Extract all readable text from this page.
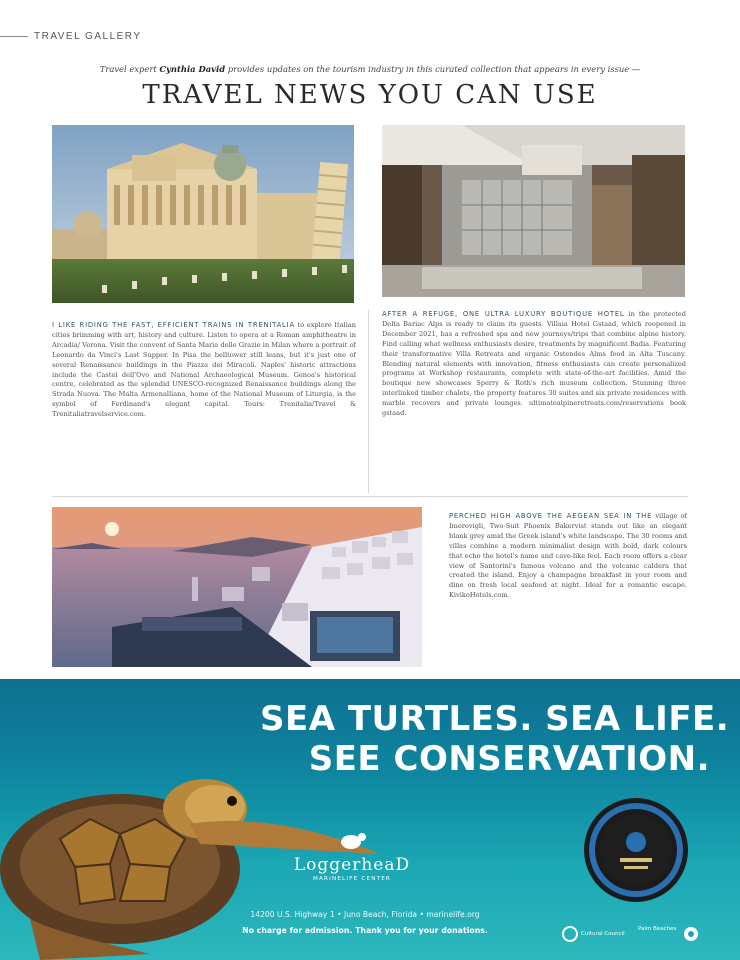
TRAVEL GALLERY

Travel expert Cynthia David provides updates on the tourism industry in this curated collection that appears in every issue —

TRAVEL NEWS YOU CAN USE

I LIKE RIDING THE FAST, EFFICIENT TRAINS IN TRENITALIA to explore Italian cities brimming with art, history and culture. Listen to opera at a Roman amphitheatre in Arcadia/ Verona. Visit the convent of Santa Maria delle Grazie in Milan where a portrait of Leonardo da Vinci's Last Supper. In Pisa the belltower still leans, but it's just one of several Renaissance buildings in the Piazza dei Miracoli. Naples' historic attractions include the Castel dell'Ovo and National Archaeological Museum. Genoa's historical centre, celebrated as the splendid UNESCO-recognized Renaissance buildings along the Strada Nuova. The Malta Armenalliana, home of the National Museum of Liturgia, is the symbol of Ferdinand's elegant capital. Tours: Trenitalia/Travel & Trenitaliatravelservice.com.

AFTER A REFUGE, ONE ULTRA LUXURY BOUTIQUE HOTEL in the protected Delta Bariac Alps is ready to claim its guests. Villaia Hotel Gstaad, which reopened in December 2021, has a refreshed spa and new journeys/trips that combine alpine history. Find calling what wellness enthusiasts desire, treatments by magnificent Badia. Featuring their transformative Villa Retreats and organic Ostendes Alms food in Alta Tuscany. Blending natural elements with innovation, fitness enthusiasts can create personalized programs at Workshop restaurants, complete with state-of-the-art facilities. Amid the boutique new showcases Sperry & Roth's rich museum collection. Stunning three interlinked timber chalets, the property features 30 suites and six private residences with marble recovers and private lounges. ultimatealpineretreats.com/reservations book gstaad.

PERCHED HIGH ABOVE THE AEGEAN SEA IN THE village of Imerovigli, Two-Suit Phoenix Bakervist stands out like an elegant blank grey amid the Greek island's white landscape. The 30 rooms and villas combine a modern minimalist design with bold, dark colours that echo the hotel's name and cave-like feel. Each room offers a clear view of Santorini's famous volcano and the volcanic caldera that created the island. Enjoy a champagne breakfast in your room and dine on fresh local seafood at night. Ideal for a romantic escape. KivikoHotels.com.

SEA TURTLES. SEA LIFE.
SEE CONSERVATION.
LoggerheaD
MARINELIFE CENTER
14200 U.S. Highway 1 • Juno Beach, Florida • marinelife.org
No charge for admission. Thank you for your donations.	Cultural Council
Palm Beaches
